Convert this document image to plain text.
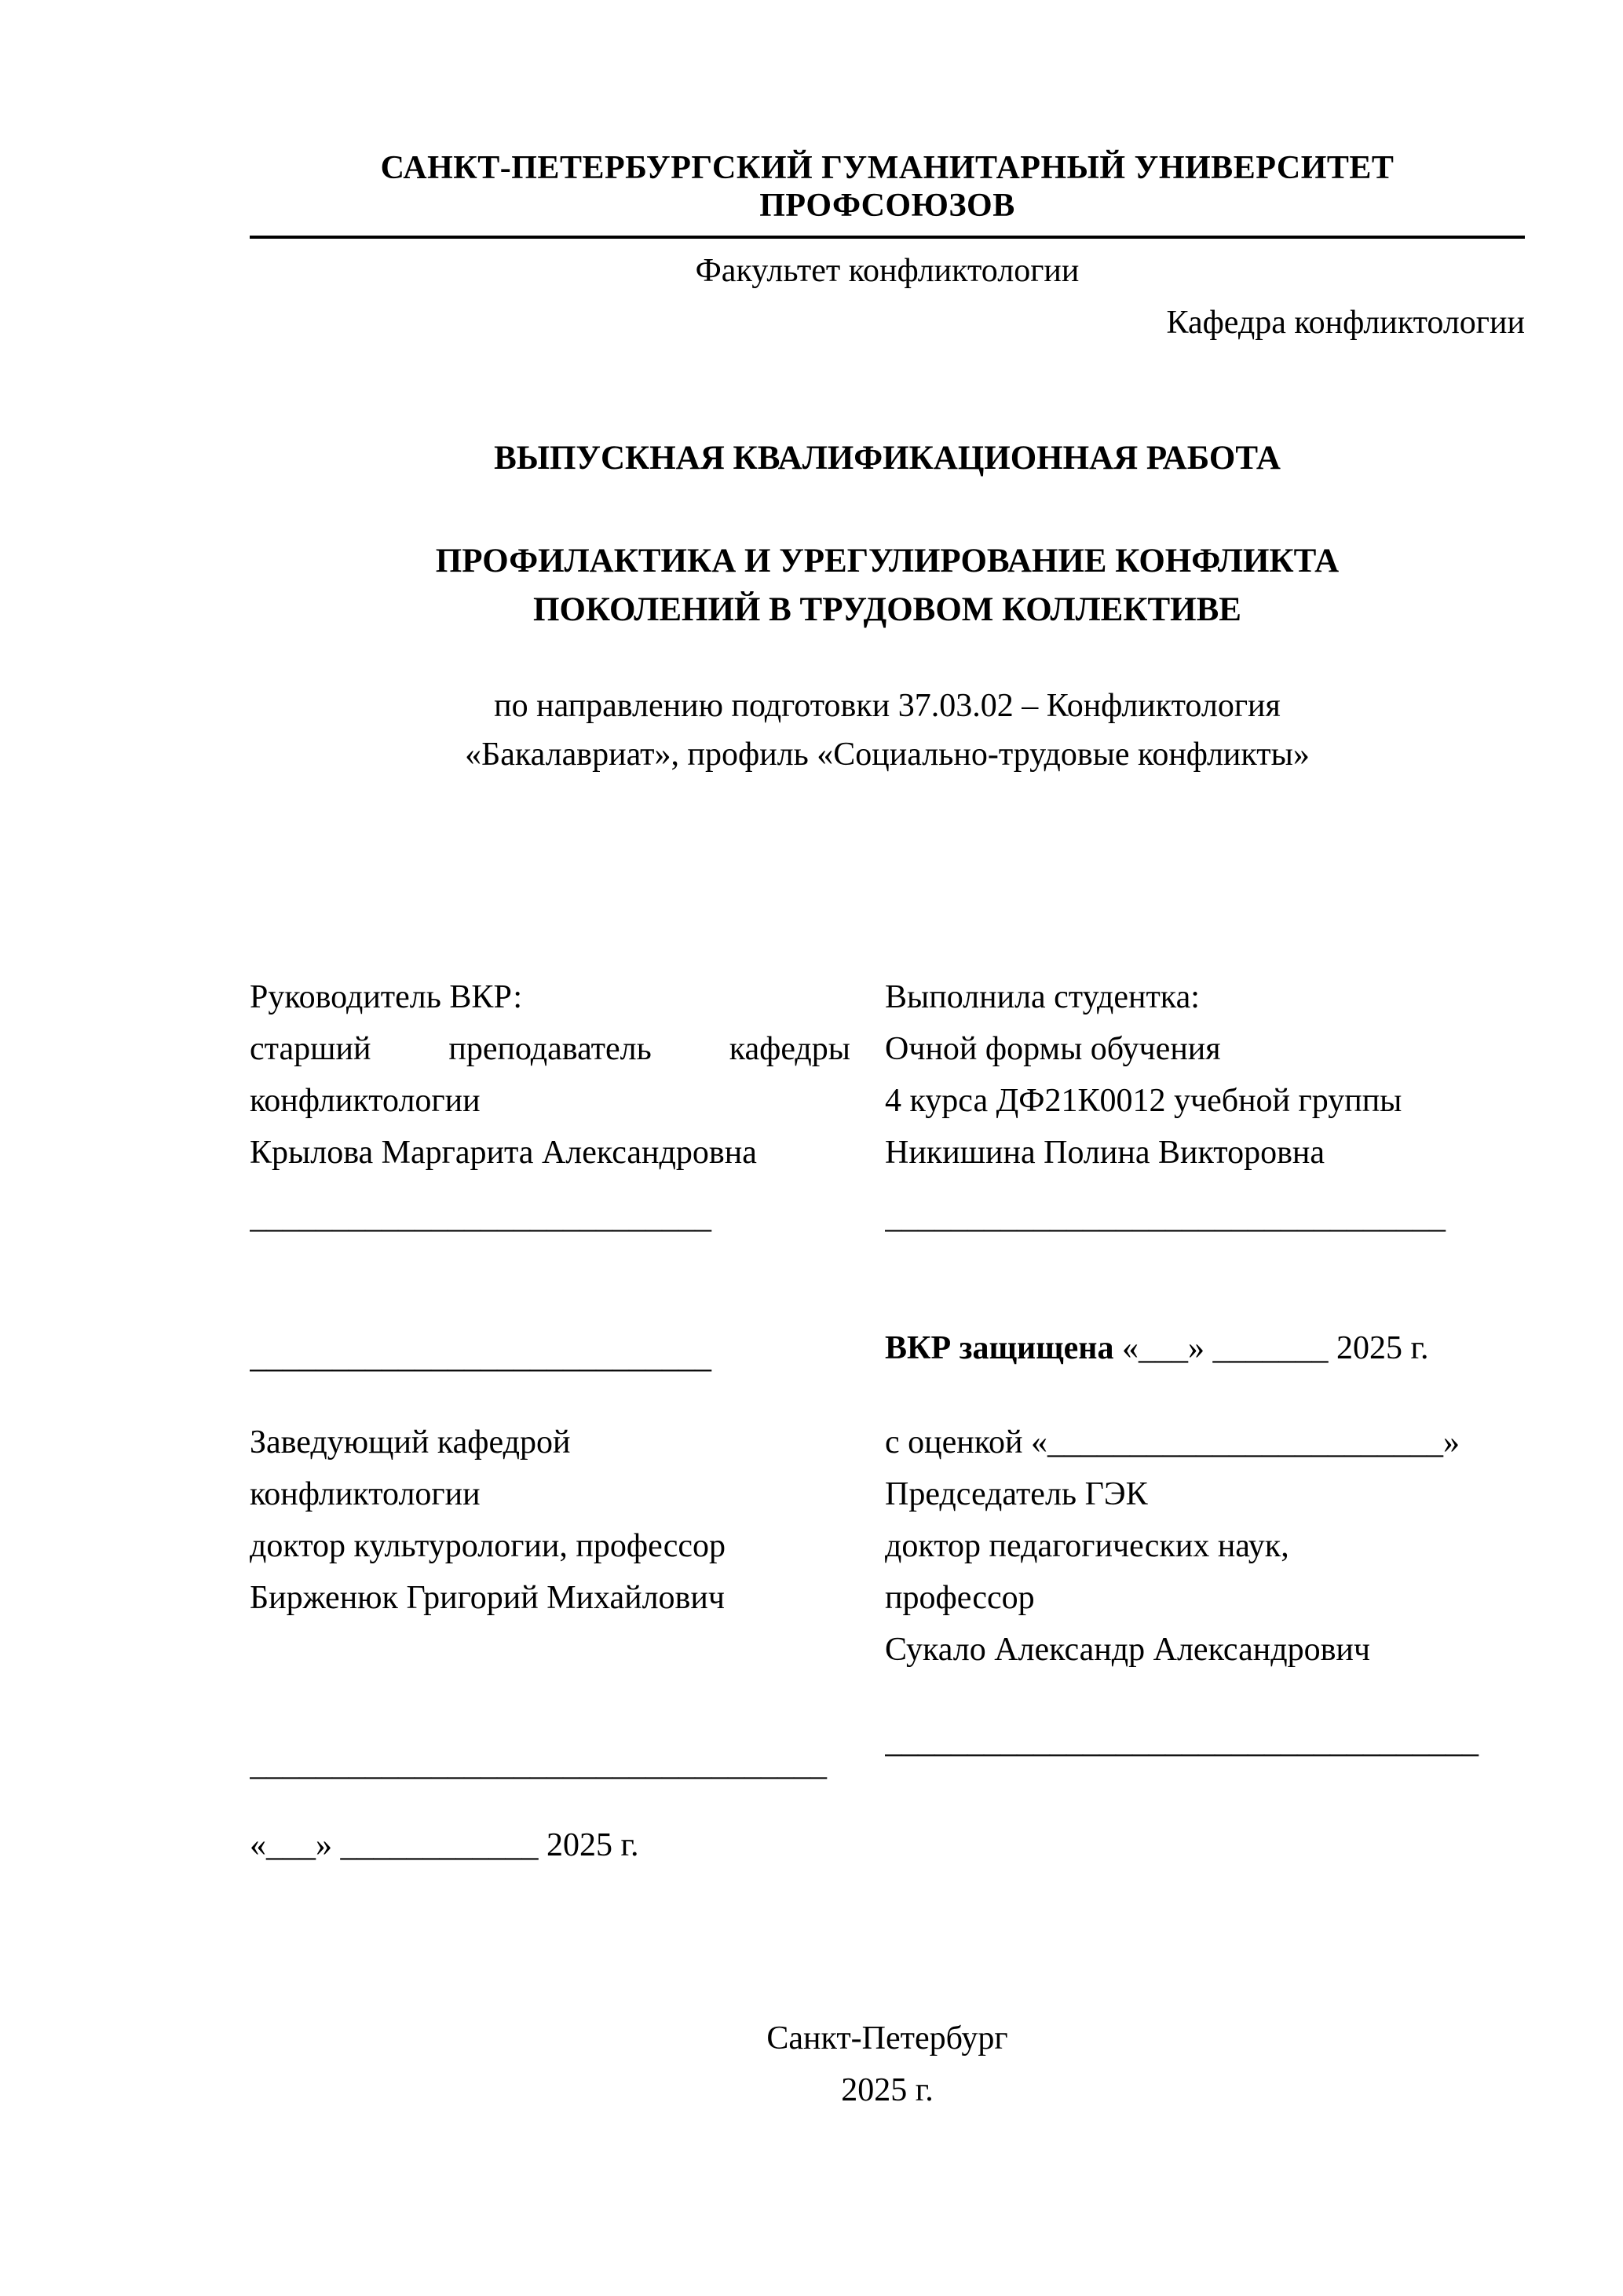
САНКТ-ПЕТЕРБУРГСКИЙ ГУМАНИТАРНЫЙ УНИВЕРСИТЕТ ПРОФСОЮЗОВ
Факультет конфликтологии
Кафедра конфликтологии
ВЫПУСКНАЯ КВАЛИФИКАЦИОННАЯ РАБОТА
ПРОФИЛАКТИКА И УРЕГУЛИРОВАНИЕ КОНФЛИКТА
ПОКОЛЕНИЙ В ТРУДОВОМ КОЛЛЕКТИВЕ
по направлению подготовки 37.03.02 – Конфликтология
«Бакалавриат», профиль «Социально-трудовые конфликты»
Руководитель ВКР:
старший преподаватель кафедры
конфликтологии
Крылова Маргарита Александровна
____________________________
____________________________
Заведующий кафедрой
конфликтологии
доктор культурологии, профессор
Бирженюк Григорий Михайлович
___________________________________
«___» ____________ 2025 г.
Выполнила студентка:
Очной формы обучения
4 курса ДФ21К0012 учебной группы
Никишина Полина Викторовна
__________________________________
ВКР защищена «___» _______ 2025 г.
с оценкой «________________________»
Председатель ГЭК
доктор педагогических наук,
профессор
Сукало Александр Александрович
____________________________________
Санкт-Петербург
2025 г.
